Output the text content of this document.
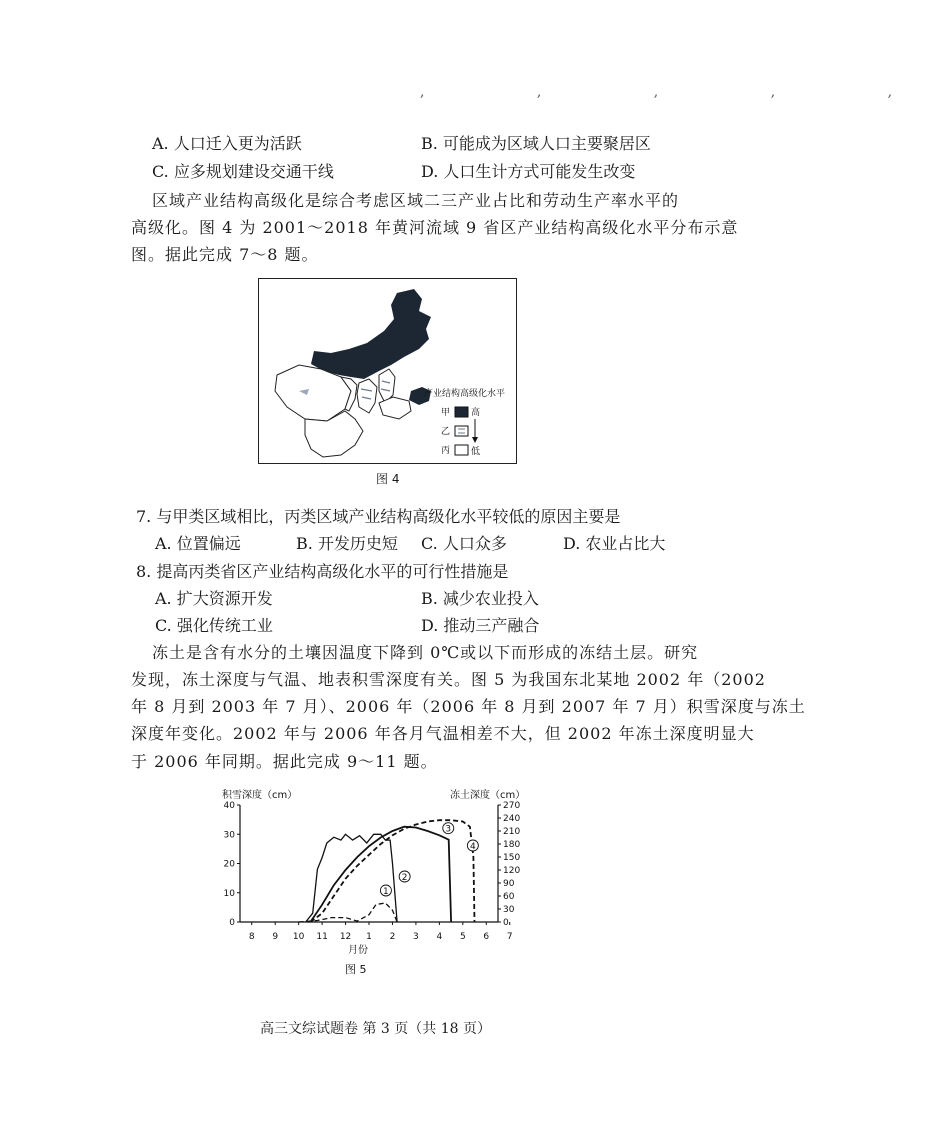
, , , , ,
A. 人口迁入更为活跃	B. 可能成为区域人口主要聚居区
C. 应多规划建设交通干线	D. 人口生计方式可能发生改变
区域产业结构高级化是综合考虑区域二三产业占比和劳动生产率水平的
高级化。图 4 为 2001～2018 年黄河流域 9 省区产业结构高级化水平分布示意
图。据此完成 7～8 题。
产业结构高级化水平
甲
乙
丙
高
低
图 4
7. 与甲类区域相比，丙类区域产业结构高级化水平较低的原因主要是
A. 位置偏远	B. 开发历史短 C. 人口众多	D. 农业占比大
8. 提高丙类省区产业结构高级化水平的可行性措施是
A. 扩大资源开发	B. 减少农业投入
C. 强化传统工业	D. 推动三产融合
冻土是含有水分的土壤因温度下降到 0℃或以下而形成的冻结土层。研究
发现，冻土深度与气温、地表积雪深度有关。图 5 为我国东北某地 2002 年（2002
年 8 月到 2003 年 7 月）、2006 年（2006 年 8 月到 2007 年 7 月）积雪深度与冻土
深度年变化。2002 年与 2006 年各月气温相差不大，但 2002 年冻土深度明显大
于 2006 年同期。据此完成 9～11 题。
积雪深度（cm）	冻土深度（cm）
0
10
20
30
40
0
30
60
90
120
150
180
210
240
270
8 9 10 11 12 1 2 3 4 5 6 7
1
2
3
4
月份
图 5
高三文综试题卷 第 3 页（共 18 页）
